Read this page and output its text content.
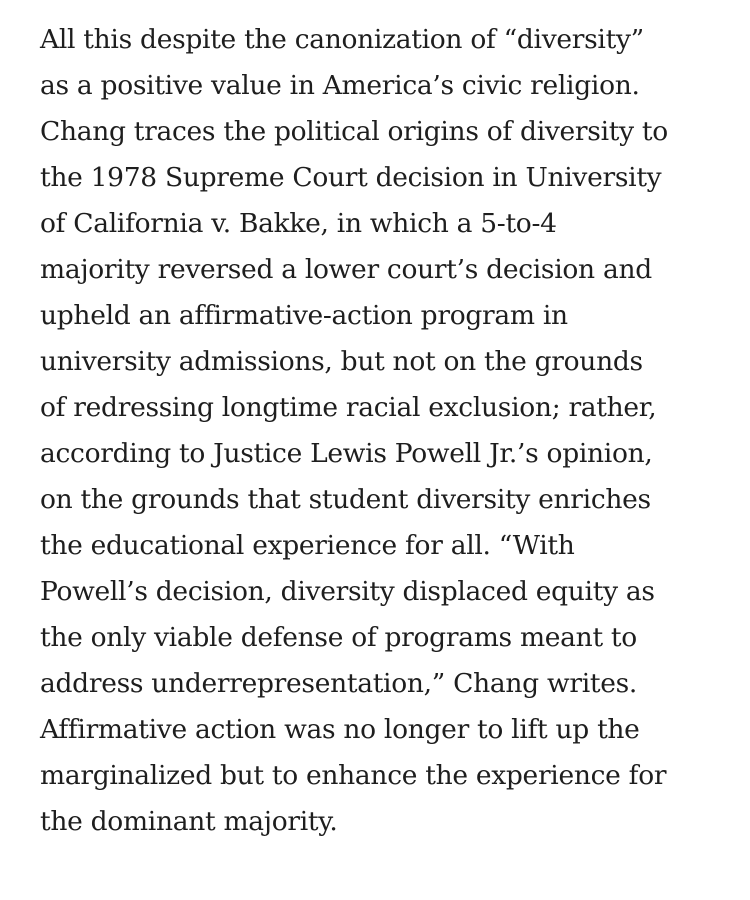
All this despite the canonization of “diversity”
as a positive value in America’s civic religion.
Chang traces the political origins of diversity to
the 1978 Supreme Court decision in University
of California v. Bakke, in which a 5-to-4
majority reversed a lower court’s decision and
upheld an affirmative-action program in
university admissions, but not on the grounds
of redressing longtime racial exclusion; rather,
according to Justice Lewis Powell Jr.’s opinion,
on the grounds that student diversity enriches
the educational experience for all. “With
Powell’s decision, diversity displaced equity as
the only viable defense of programs meant to
address underrepresentation,” Chang writes.
Affirmative action was no longer to lift up the
marginalized but to enhance the experience for
the dominant majority.
